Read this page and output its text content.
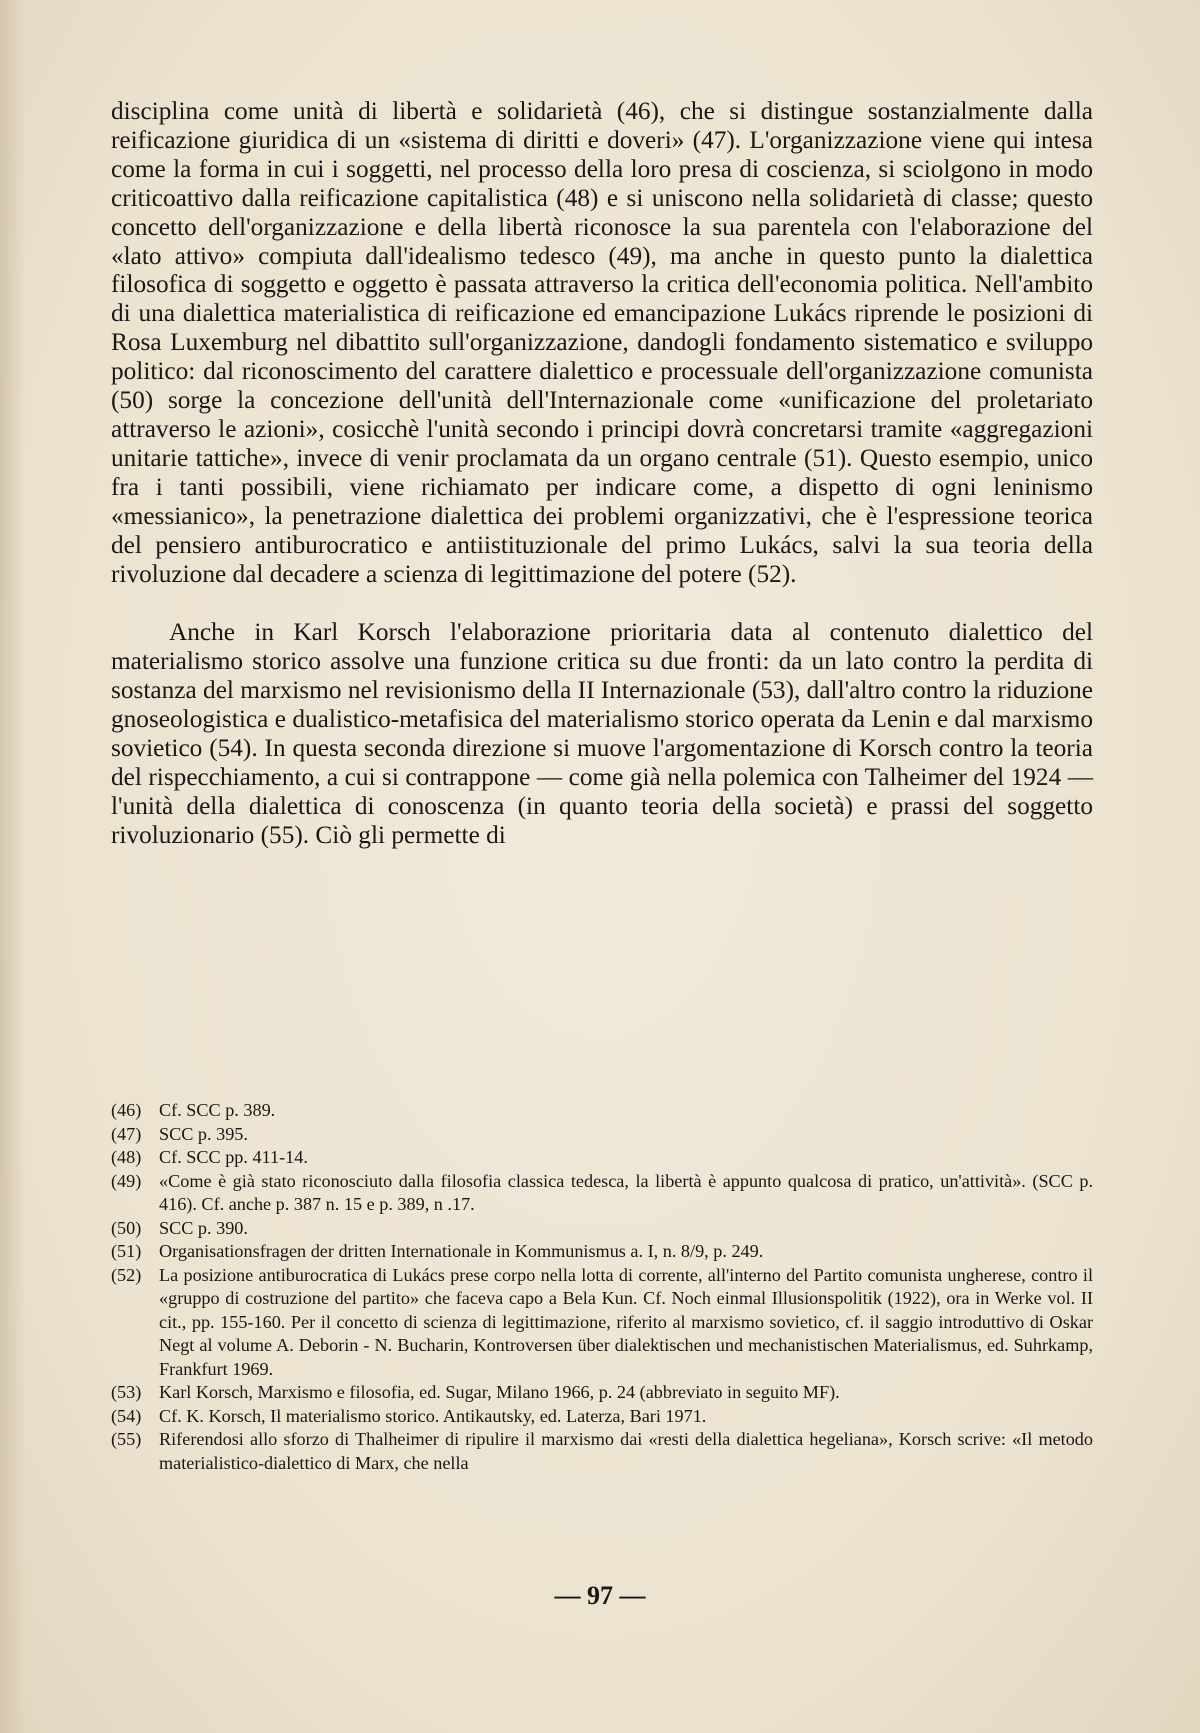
disciplina come unità di libertà e solidarietà (46), che si distingue sostanzialmente dalla reificazione giuridica di un «sistema di diritti e doveri» (47). L'organizzazione viene qui intesa come la forma in cui i soggetti, nel processo della loro presa di coscienza, si sciolgono in modo criticoattivo dalla reificazione capitalistica (48) e si uniscono nella solidarietà di classe; questo concetto dell'organizzazione e della libertà riconosce la sua parentela con l'elaborazione del «lato attivo» compiuta dall'idealismo tedesco (49), ma anche in questo punto la dialettica filosofica di soggetto e oggetto è passata attraverso la critica dell'economia politica. Nell'ambito di una dialettica materialistica di reificazione ed emancipazione Lukács riprende le posizioni di Rosa Luxemburg nel dibattito sull'organizzazione, dandogli fondamento sistematico e sviluppo politico: dal riconoscimento del carattere dialettico e processuale dell'organizzazione comunista (50) sorge la concezione dell'unità dell'Internazionale come «unificazione del proletariato attraverso le azioni», cosicchè l'unità secondo i principi dovrà concretarsi tramite «aggregazioni unitarie tattiche», invece di venir proclamata da un organo centrale (51). Questo esempio, unico fra i tanti possibili, viene richiamato per indicare come, a dispetto di ogni leninismo «messianico», la penetrazione dialettica dei problemi organizzativi, che è l'espressione teorica del pensiero antiburocratico e antiistituzionale del primo Lukács, salvi la sua teoria della rivoluzione dal decadere a scienza di legittimazione del potere (52).

Anche in Karl Korsch l'elaborazione prioritaria data al contenuto dialettico del materialismo storico assolve una funzione critica su due fronti: da un lato contro la perdita di sostanza del marxismo nel revisionismo della II Internazionale (53), dall'altro contro la riduzione gnoseologistica e dualistico-metafisica del materialismo storico operata da Lenin e dal marxismo sovietico (54). In questa seconda direzione si muove l'argomentazione di Korsch contro la teoria del rispecchiamento, a cui si contrappone — come già nella polemica con Talheimer del 1924 — l'unità della dialettica di conoscenza (in quanto teoria della società) e prassi del soggetto rivoluzionario (55). Ciò gli permette di

(46) Cf. SCC p. 389.
(47) SCC p. 395.
(48) Cf. SCC pp. 411-14.
(49) «Come è già stato riconosciuto dalla filosofia classica tedesca, la libertà è appunto qualcosa di pratico, un'attività». (SCC p. 416). Cf. anche p. 387 n. 15 e p. 389, n .17.
(50) SCC p. 390.
(51) Organisationsfragen der dritten Internationale in Kommunismus a. I, n. 8/9, p. 249.
(52) La posizione antiburocratica di Lukács prese corpo nella lotta di corrente, all'interno del Partito comunista ungherese, contro il «gruppo di costruzione del partito» che faceva capo a Bela Kun. Cf. Noch einmal Illusionspolitik (1922), ora in Werke vol. II cit., pp. 155-160. Per il concetto di scienza di legittimazione, riferito al marxismo sovietico, cf. il saggio introduttivo di Oskar Negt al volume A. Deborin - N. Bucharin, Kontroversen über dialektischen und mechanistischen Materialismus, ed. Suhrkamp, Frankfurt 1969.
(53) Karl Korsch, Marxismo e filosofia, ed. Sugar, Milano 1966, p. 24 (abbreviato in seguito MF).
(54) Cf. K. Korsch, Il materialismo storico. Antikautsky, ed. Laterza, Bari 1971.
(55) Riferendosi allo sforzo di Thalheimer di ripulire il marxismo dai «resti della dialettica hegeliana», Korsch scrive: «Il metodo materialistico-dialettico di Marx, che nella
— 97 —
